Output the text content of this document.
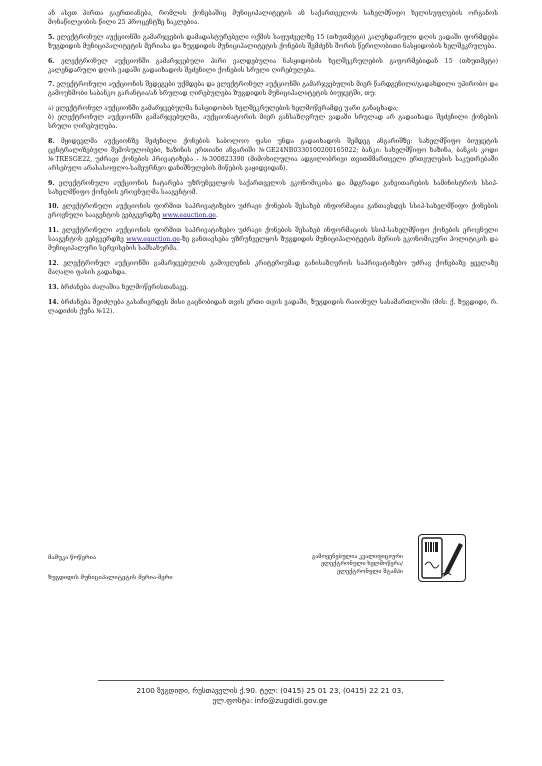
ან ასეთ პირთა გაერთიანება, რომლის ქონებაშიც მუნიციპალიტეტის ან საქართველოს სახელმწიფო ხელისუფლების ორგანოს მონაწილეობის წილი 25 პროცენტზე ნაკლებია.

5. ელექტრონულ აუქციონში გამარჯვების დამადასტურებელი ოქმის საფუძველზე 15 (თხუთმეტი) კალენდარული დღის ვადაში ფორმდება ზუგდიდის მუნიციპალიტეტის მერიასა და ზუგდიდის მუნიციპალიტეტის ქონების შემძენს შორის წერილობითი ნასყიდობის ხელშეკრულება.

6. ელექტრონულ აუქციონში გამარჯვებული პირი ვალდებულია ნასყიდობის ხელშეკრულების გაფორმებიდან 15 (თხუთმეტი) კალენდარული დღის ვადაში გადაიხადოს შეძენილი ქონების სრული ღირებულება.

7. ელექტრონული აუქციონის შედეგები უქმდება და ელექტრონულ აუქციონში გამარჯვებულის მიერ წარდგენილი/გადახდილი უპირობო და გამოუხმობი საბანკო გარანტია/ან სრულად ღირებულება ზუგდიდის მუნიციპალიტეტის ბიუჯეტში, თუ:

ა) ელექტრონულ აუქციონში გამარჯვებულმა ნასყიდობის ხელშეკრულების ხელმოწერამდე უარი განაცხადა;

ბ) ელექტრონულ აუქციონში გამარჯვებულმა, აუქციონატორის მიერ განსაზღვრულ ვადაში სრულად არ გადაიხადა შეძენილი ქონების სრული ღირებულება.

8. მყიდველმა აუქციონზე შეძენილი ქონების საბოლოო ფასი უნდა გადაიხადოს შემდეგ ანგარიშზე: სახელმწიფო ბიუჯეტის ცენტრალიზებული შემოსულობები, ზაზინის ერთიანი ანგარიში №GE24NB0330100200165022; ბანკი: სახელმწიფო ხაზინა, ბანკის კოდი №TRESGE22, უძრავი ქონების პრივატიზება - №300823390 (მიმოხილულია ადგილობრივი თვითმმართველი ერთეულების საკუთრებაში არსებული არასასოფლო-სამეურნეო დანიშნულების მიწების გაყიდვიდან).

9. ელექტრონული აუქციონის ჩატარება უზრუნველყოს საქართველოს ეკონომიკისა და მდგრადი განვითარების სამინისტროს სსიპ-სახელმწიფო ქონების ეროვნულმა სააგენტომ.

10. ელექტრონული აუქციონის ფორმით საპრივატიზებო უძრავი ქონების შესახებ ინფორმაცია განთავსდეს სსიპ-სახელმწიფო ქონების ეროვნული სააგენტოს ვებგვერდზე www.eauction.ge.

11. ელექტრონული აუქციონის ფორმით საპრივატიზებო უძრავი ქონების შესახებ ინფორმაციის სსიპ-სახელმწიფო ქონების ეროვნული სააგენტოს ვებგვერდზე www.eauction.ge-ზე განთავსება უზრუნველყოს ზუგდიდის მუნიციპალიტეტის მერიის ეკონომიკური პოლიტიკის და მუნიციპალური სერვისების სამსახურმა.

12. ელექტრონულ აუქციონში გამარჯვებულის გამოვლენის კრიტერიუმად განისაზღვროს საპრივატიზებო უძრავ ქონებაზე ყველაზე მაღალი ფასის გადახდა.

13. ბრძანება ძალაშია ხელმოწერისთანავე.

14. ბრძანება შეიძლება გასაჩივრდეს მისი გაცნობიდან თვის ერთი თვის ვადაში, ზუგდიდის რაიონულ სასამართლოში (მის: ქ. ზუგდიდი, რ. ლადიძის ქუჩა №12).

მამუკა წოწერია
ზუგდიდის მუნიციპალიტეტის მერია-მერი
გამოყენებულია კვალიფიციური ელექტრონული ხელმოწერა/ ელექტრონული შტამპი
2100 ზუგდიდი, რუსთაველის ქ.90. ტელ: (0415) 25 01 23, (0415) 22 21 03,
ელ.ფოსტა: info@zugdidi.gov.ge
